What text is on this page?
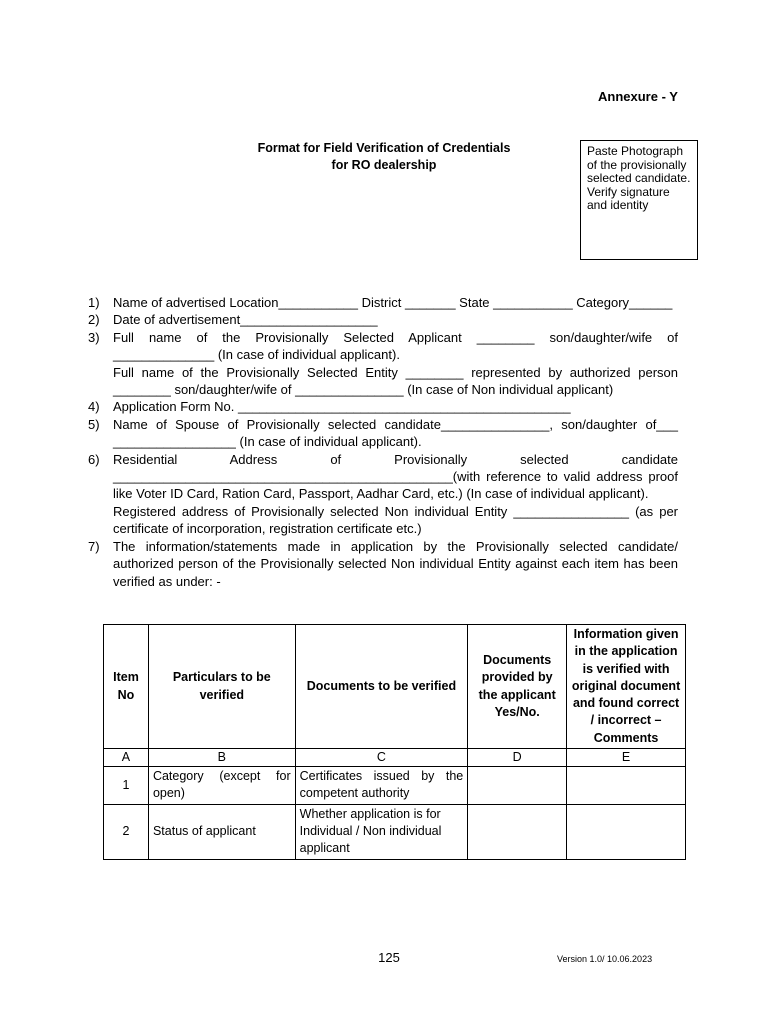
Annexure - Y
Format for Field Verification of Credentials
for RO dealership
Paste Photograph of the provisionally selected candidate. Verify signature and identity
1)	Name of advertised Location___________ District _______ State ___________ Category______
2)	Date of advertisement___________________
3)	Full name of the Provisionally Selected Applicant ________ son/daughter/wife of ______________ (In case of individual applicant).
Full name of the Provisionally Selected Entity ________ represented by authorized person ________ son/daughter/wife of _______________ (In case of Non individual applicant)
4)	Application Form No. ______________________________________________
5)	Name of Spouse of Provisionally selected candidate_______________, son/daughter of___ _________________ (In case of individual applicant).
6)	Residential Address of Provisionally selected candidate _______________________________________________(with reference to valid address proof like Voter ID Card, Ration Card, Passport, Aadhar Card, etc.) (In case of individual applicant).
Registered address of Provisionally selected Non individual Entity ________________ (as per certificate of incorporation, registration certificate etc.)
7)	The information/statements made in application by the Provisionally selected candidate/ authorized person of the Provisionally selected Non individual Entity against each item has been verified as under: -
Item No	Particulars to be verified	Documents to be verified	Documents provided by the applicant Yes/No.	Information given in the application is verified with original document and found correct / incorrect – Comments
A	B	C	D	E
1	Category (except for open)	Certificates issued by the competent authority		
2	Status of applicant	Whether application is for Individual / Non individual applicant		
125	Version 1.0/ 10.06.2023
